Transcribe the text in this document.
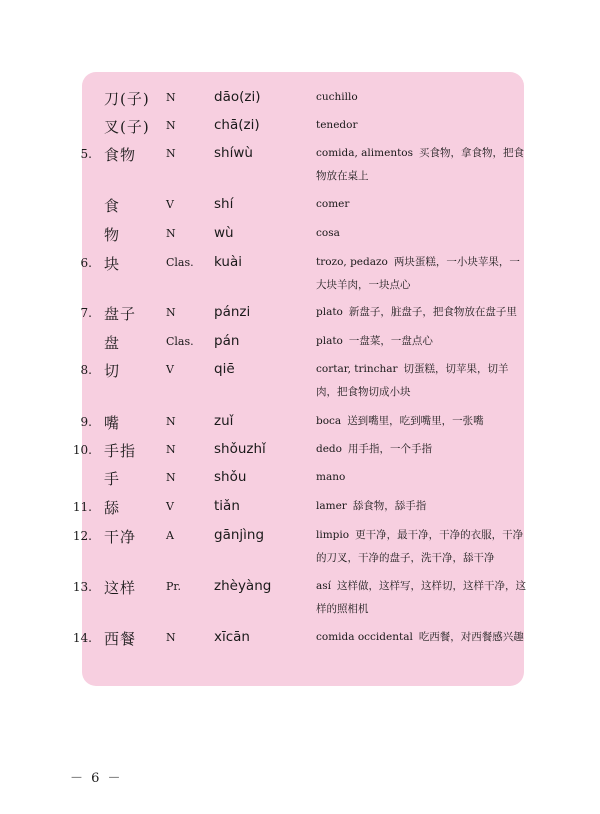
刀(子) N	dāo(zi)	cuchillo
叉(子) N	chā(zi)	tenedor
5. 食物	N	shíwù	comida, alimentos 买食物，拿食物，把食物放在桌上
食	V	shí	comer
物	N	wù	cosa
6. 块	Clas. kuài	trozo, pedazo 两块蛋糕，一小块苹果，一大块羊肉，一块点心
7. 盘子	N	pánzi	plato 新盘子，脏盘子，把食物放在盘子里
盘	Clas. pán	plato 一盘菜，一盘点心
8. 切	V	qiē	cortar, trinchar 切蛋糕，切苹果，切羊肉，把食物切成小块
9. 嘴	N	zuǐ	boca 送到嘴里，吃到嘴里，一张嘴
10. 手指	N	shǒuzhǐ	dedo 用手指，一个手指
手	N	shǒu	mano
11. 舔	V	tiǎn	lamer 舔食物，舔手指
12. 干净	A	gānjìng	limpio 更干净，最干净，干净的衣服，干净的刀叉，干净的盘子，洗干净，舔干净
13. 这样	Pr. zhèyàng	así 这样做，这样写，这样切，这样干净，这样的照相机
14. 西餐	N	xīcān	comida occidental 吃西餐，对西餐感兴趣
－ 6 －
